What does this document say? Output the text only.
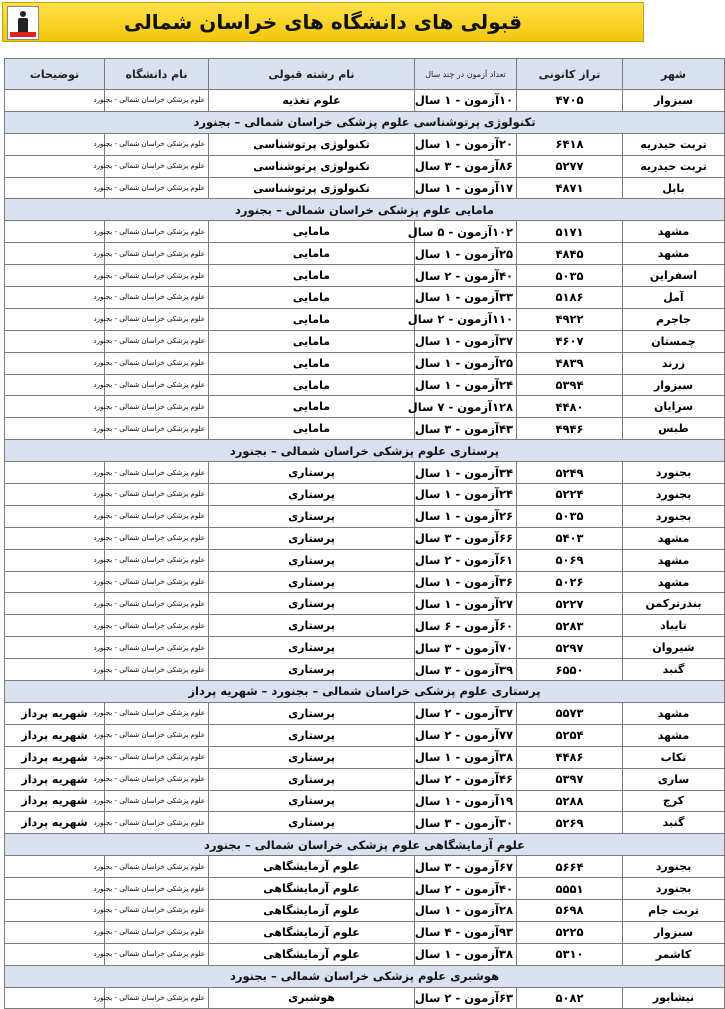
قبولی های دانشگاه های خراسان شمالی
شهر	تراز کانونی	تعداد آزمون در چند سال	نام رشته قبولی	نام دانشگاه	توضیحات
سبزوار	۴۷۰۵	۱۰آزمون - ۱ سال	علوم تغذیه	علوم پزشکی خراسان شمالی - بجنورد	
تکنولوژی پرتوشناسی علوم پزشکی خراسان شمالی – بجنورد					
تربت حیدریه	۶۴۱۸	۲۰آزمون - ۱ سال	تکنولوژی پرتوشناسی	علوم پزشکی خراسان شمالی - بجنورد	
تربت حیدریه	۵۲۷۷	۸۶آزمون - ۳ سال	تکنولوژی پرتوشناسی	علوم پزشکی خراسان شمالی - بجنورد	
بابل	۴۸۷۱	۱۷آزمون - ۱ سال	تکنولوژی پرتوشناسی	علوم پزشکی خراسان شمالی - بجنورد	
مامایی علوم پزشکی خراسان شمالی – بجنورد					
مشهد	۵۱۷۱	۱۰۲آزمون - ۵ سال	مامایی	علوم پزشکی خراسان شمالی - بجنورد	
مشهد	۴۸۴۵	۲۵آزمون - ۱ سال	مامایی	علوم پزشکی خراسان شمالی - بجنورد	
اسفراین	۵۰۳۵	۴۰آزمون - ۲ سال	مامایی	علوم پزشکی خراسان شمالی - بجنورد	
آمل	۵۱۸۶	۳۳آزمون - ۱ سال	مامایی	علوم پزشکی خراسان شمالی - بجنورد	
جاجرم	۴۹۲۲	۱۱۰آزمون - ۲ سال	مامایی	علوم پزشکی خراسان شمالی - بجنورد	
چمستان	۴۶۰۷	۳۷آزمون - ۱ سال	مامایی	علوم پزشکی خراسان شمالی - بجنورد	
زرند	۴۸۳۹	۲۵آزمون - ۱ سال	مامایی	علوم پزشکی خراسان شمالی - بجنورد	
سبزوار	۵۳۹۴	۲۴آزمون - ۱ سال	مامایی	علوم پزشکی خراسان شمالی - بجنورد	
سرایان	۴۴۸۰	۱۲۸آزمون - ۷ سال	مامایی	علوم پزشکی خراسان شمالی - بجنورد	
طبس	۴۹۴۶	۴۳آزمون - ۳ سال	مامایی	علوم پزشکی خراسان شمالی - بجنورد	
پرستاری علوم پزشکی خراسان شمالی – بجنورد					
بجنورد	۵۲۴۹	۳۴آزمون - ۱ سال	پرستاری	علوم پزشکی خراسان شمالی - بجنورد	
بجنورد	۵۲۲۴	۲۴آزمون - ۱ سال	پرستاری	علوم پزشکی خراسان شمالی - بجنورد	
بجنورد	۵۰۳۵	۲۶آزمون - ۱ سال	پرستاری	علوم پزشکی خراسان شمالی - بجنورد	
مشهد	۵۴۰۳	۶۶آزمون - ۳ سال	پرستاری	علوم پزشکی خراسان شمالی - بجنورد	
مشهد	۵۰۶۹	۶۱آزمون - ۲ سال	پرستاری	علوم پزشکی خراسان شمالی - بجنورد	
مشهد	۵۰۲۶	۳۶آزمون - ۱ سال	پرستاری	علوم پزشکی خراسان شمالی - بجنورد	
بندرترکمن	۵۲۲۷	۲۷آزمون - ۱ سال	پرستاری	علوم پزشکی خراسان شمالی - بجنورد	
تایباد	۵۲۸۳	۶۰آزمون - ۶ سال	پرستاری	علوم پزشکی خراسان شمالی - بجنورد	
شیروان	۵۲۹۷	۷۰آزمون - ۳ سال	پرستاری	علوم پزشکی خراسان شمالی - بجنورد	
گنبد	۶۵۵۰	۳۹آزمون - ۳ سال	پرستاری	علوم پزشکی خراسان شمالی - بجنورد	
پرستاری علوم پزشکی خراسان شمالی – بجنورد – شهریه پرداز					
مشهد	۵۵۷۳	۳۷آزمون - ۲ سال	پرستاری	علوم پزشکی خراسان شمالی - بجنورد	شهریه پرداز
مشهد	۵۲۵۴	۷۷آزمون - ۲ سال	پرستاری	علوم پزشکی خراسان شمالی - بجنورد	شهریه پرداز
تکاب	۴۴۸۶	۳۸آزمون - ۱ سال	پرستاری	علوم پزشکی خراسان شمالی - بجنورد	شهریه پرداز
ساری	۵۳۹۷	۴۶آزمون - ۲ سال	پرستاری	علوم پزشکی خراسان شمالی - بجنورد	شهریه پرداز
کرج	۵۲۸۸	۱۹آزمون - ۱ سال	پرستاری	علوم پزشکی خراسان شمالی - بجنورد	شهریه پرداز
گنبد	۵۲۶۹	۳۰آزمون - ۳ سال	پرستاری	علوم پزشکی خراسان شمالی - بجنورد	شهریه پرداز
علوم آزمایشگاهی علوم پزشکی خراسان شمالی – بجنورد					
بجنورد	۵۶۶۴	۶۷آزمون - ۳ سال	علوم آزمایشگاهی	علوم پزشکی خراسان شمالی - بجنورد	
بجنورد	۵۵۵۱	۴۰آزمون - ۲ سال	علوم آزمایشگاهی	علوم پزشکی خراسان شمالی - بجنورد	
تربت جام	۵۶۹۸	۲۸آزمون - ۱ سال	علوم آزمایشگاهی	علوم پزشکی خراسان شمالی - بجنورد	
سبزوار	۵۲۲۵	۹۳آزمون - ۴ سال	علوم آزمایشگاهی	علوم پزشکی خراسان شمالی - بجنورد	
کاشمر	۵۳۱۰	۳۸آزمون - ۱ سال	علوم آزمایشگاهی	علوم پزشکی خراسان شمالی - بجنورد	
هوشبری علوم پزشکی خراسان شمالی – بجنورد					
نیشابور	۵۰۸۲	۶۳آزمون - ۲ سال	هوشبری	علوم پزشکی خراسان شمالی - بجنورد	
